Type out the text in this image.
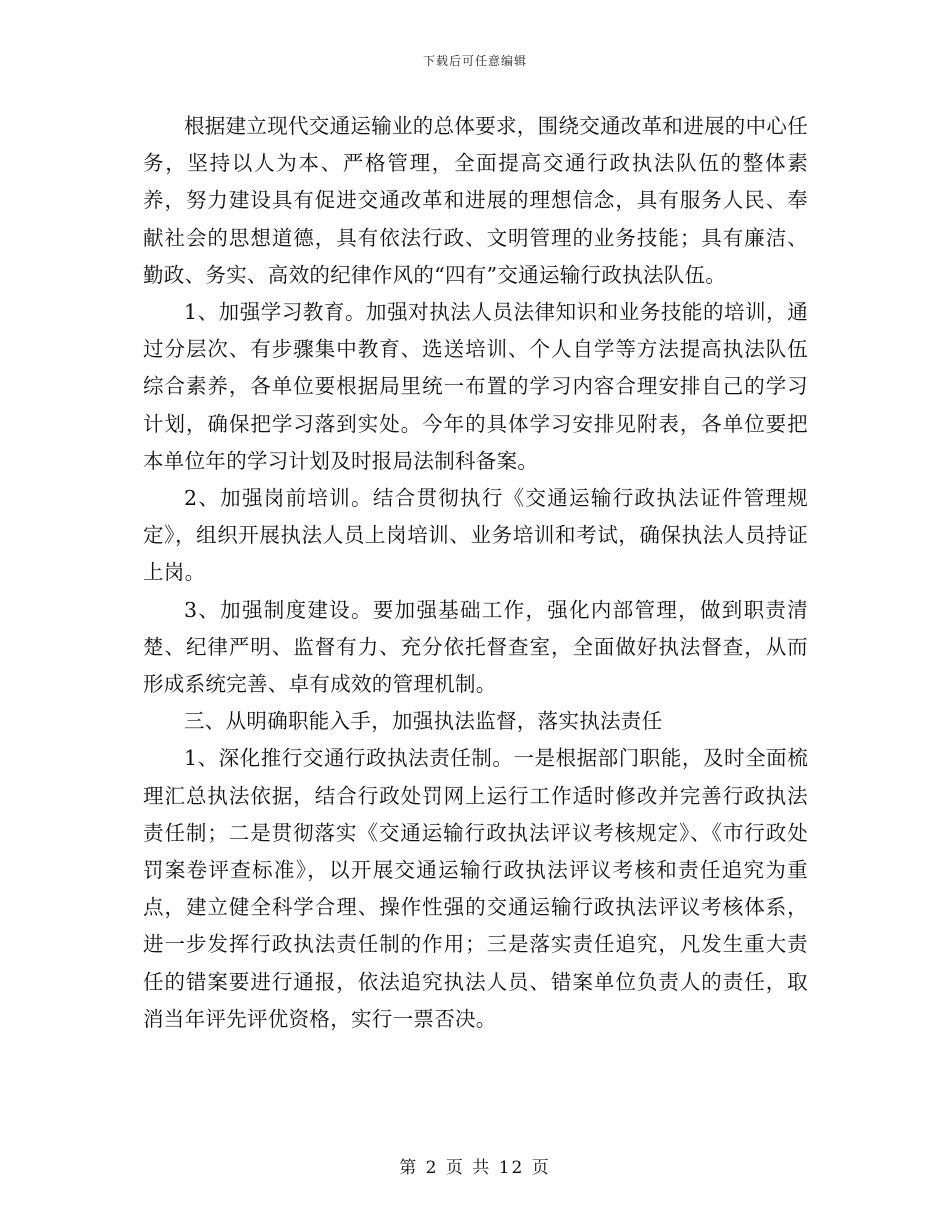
下载后可任意编辑

根据建立现代交通运输业的总体要求，围绕交通改革和进展的中心任务，坚持以人为本、严格管理，全面提高交通行政执法队伍的整体素养，努力建设具有促进交通改革和进展的理想信念，具有服务人民、奉献社会的思想道德，具有依法行政、文明管理的业务技能；具有廉洁、勤政、务实、高效的纪律作风的“四有”交通运输行政执法队伍。

1、加强学习教育。加强对执法人员法律知识和业务技能的培训，通过分层次、有步骤集中教育、选送培训、个人自学等方法提高执法队伍综合素养，各单位要根据局里统一布置的学习内容合理安排自己的学习计划，确保把学习落到实处。今年的具体学习安排见附表，各单位要把本单位年的学习计划及时报局法制科备案。

2、加强岗前培训。结合贯彻执行《交通运输行政执法证件管理规定》，组织开展执法人员上岗培训、业务培训和考试，确保执法人员持证上岗。

3、加强制度建设。要加强基础工作，强化内部管理，做到职责清楚、纪律严明、监督有力、充分依托督查室，全面做好执法督查，从而形成系统完善、卓有成效的管理机制。

三、从明确职能入手，加强执法监督，落实执法责任

1、深化推行交通行政执法责任制。一是根据部门职能，及时全面梳理汇总执法依据，结合行政处罚网上运行工作适时修改并完善行政执法责任制；二是贯彻落实《交通运输行政执法评议考核规定》、《市行政处罚案卷评查标准》，以开展交通运输行政执法评议考核和责任追究为重点，建立健全科学合理、操作性强的交通运输行政执法评议考核体系，进一步发挥行政执法责任制的作用；三是落实责任追究，凡发生重大责任的错案要进行通报，依法追究执法人员、错案单位负责人的责任，取消当年评先评优资格，实行一票否决。

第 2 页 共 12 页
